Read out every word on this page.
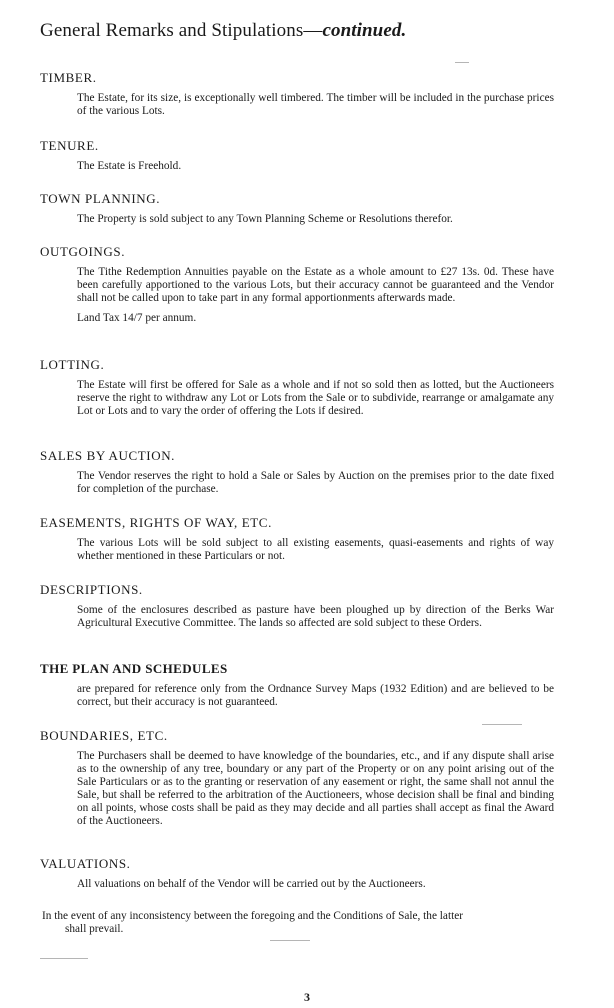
General Remarks and Stipulations—continued.
TIMBER.

The Estate, for its size, is exceptionally well timbered. The timber will be included in the purchase prices of the various Lots.

TENURE.

The Estate is Freehold.

TOWN PLANNING.

The Property is sold subject to any Town Planning Scheme or Resolutions therefor.

OUTGOINGS.

The Tithe Redemption Annuities payable on the Estate as a whole amount to £27 13s. 0d. These have been carefully apportioned to the various Lots, but their accuracy cannot be guaranteed and the Vendor shall not be called upon to take part in any formal apportionments afterwards made.

Land Tax 14/7 per annum.

LOTTING.

The Estate will first be offered for Sale as a whole and if not so sold then as lotted, but the Auctioneers reserve the right to withdraw any Lot or Lots from the Sale or to subdivide, rearrange or amalgamate any Lot or Lots and to vary the order of offering the Lots if desired.

SALES BY AUCTION.

The Vendor reserves the right to hold a Sale or Sales by Auction on the premises prior to the date fixed for completion of the purchase.

EASEMENTS, RIGHTS OF WAY, ETC.

The various Lots will be sold subject to all existing easements, quasi-easements and rights of way whether mentioned in these Particulars or not.

DESCRIPTIONS.

Some of the enclosures described as pasture have been ploughed up by direction of the Berks War Agricultural Executive Committee. The lands so affected are sold subject to these Orders.

THE PLAN AND SCHEDULES

are prepared for reference only from the Ordnance Survey Maps (1932 Edition) and are believed to be correct, but their accuracy is not guaranteed.

BOUNDARIES, ETC.

The Purchasers shall be deemed to have knowledge of the boundaries, etc., and if any dispute shall arise as to the ownership of any tree, boundary or any part of the Property or on any point arising out of the Sale Particulars or as to the granting or reservation of any easement or right, the same shall not annul the Sale, but shall be referred to the arbitration of the Auctioneers, whose decision shall be final and binding on all points, whose costs shall be paid as they may decide and all parties shall accept as final the Award of the Auctioneers.

VALUATIONS.

All valuations on behalf of the Vendor will be carried out by the Auctioneers.

In the event of any inconsistency between the foregoing and the Conditions of Sale, the latter
shall prevail.
3
